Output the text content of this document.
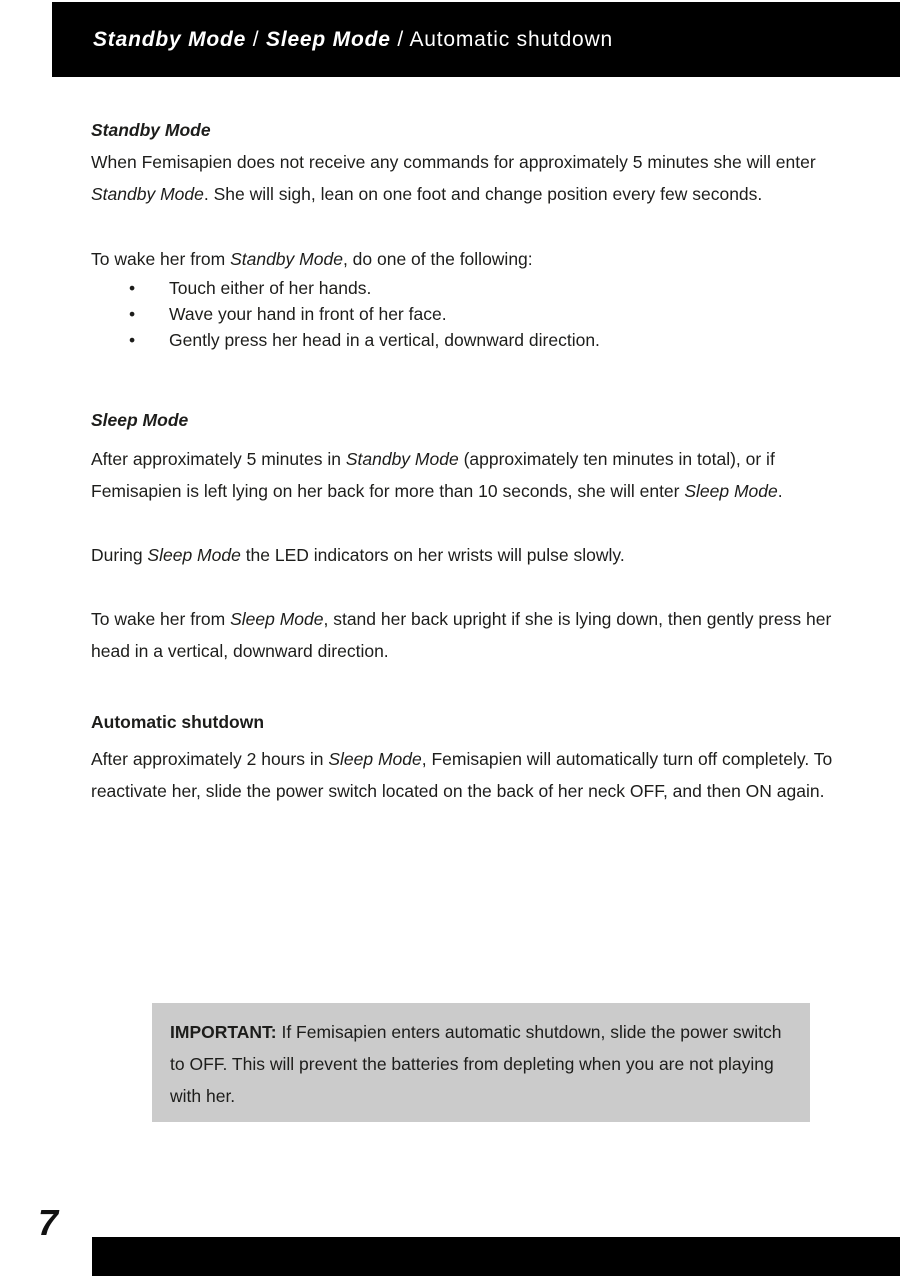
Standby Mode / Sleep Mode / Automatic shutdown
Standby Mode
When Femisapien does not receive any commands for approximately 5 minutes she will enter Standby Mode. She will sigh, lean on one foot and change position every few seconds.
To wake her from Standby Mode, do one of the following:
•	Touch either of her hands.
•	Wave your hand in front of her face.
•	Gently press her head in a vertical, downward direction.
Sleep Mode
After approximately 5 minutes in Standby Mode (approximately ten minutes in total), or if Femisapien is left lying on her back for more than 10 seconds, she will enter Sleep Mode.
During Sleep Mode the LED indicators on her wrists will pulse slowly.
To wake her from Sleep Mode, stand her back upright if she is lying down, then gently press her head in a vertical, downward direction.
Automatic shutdown
After approximately 2 hours in Sleep Mode, Femisapien will automatically turn off completely. To reactivate her, slide the power switch located on the back of her neck OFF, and then ON again.
IMPORTANT: If Femisapien enters automatic shutdown, slide the power switch to OFF. This will prevent the batteries from depleting when you are not playing with her.
7
